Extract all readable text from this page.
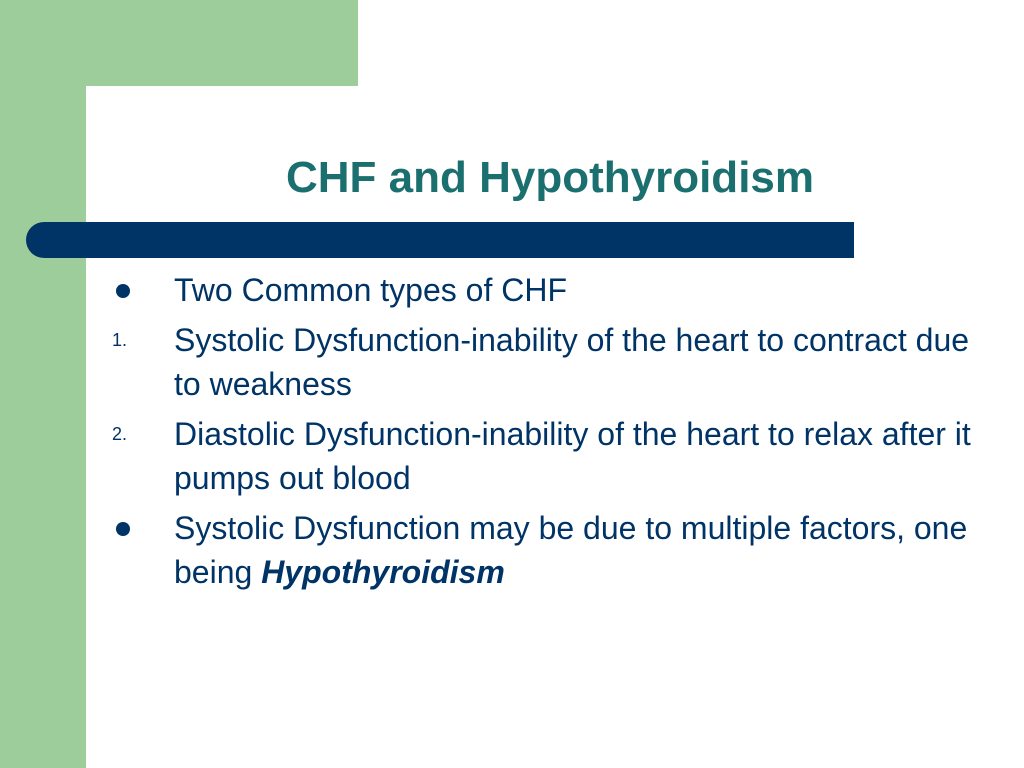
CHF and Hypothyroidism
Two Common types of CHF
1.	Systolic Dysfunction-inability of the heart to contract due to weakness
2.	Diastolic Dysfunction-inability of the heart to relax after it pumps out blood
Systolic Dysfunction may be due to multiple factors, one being Hypothyroidism
